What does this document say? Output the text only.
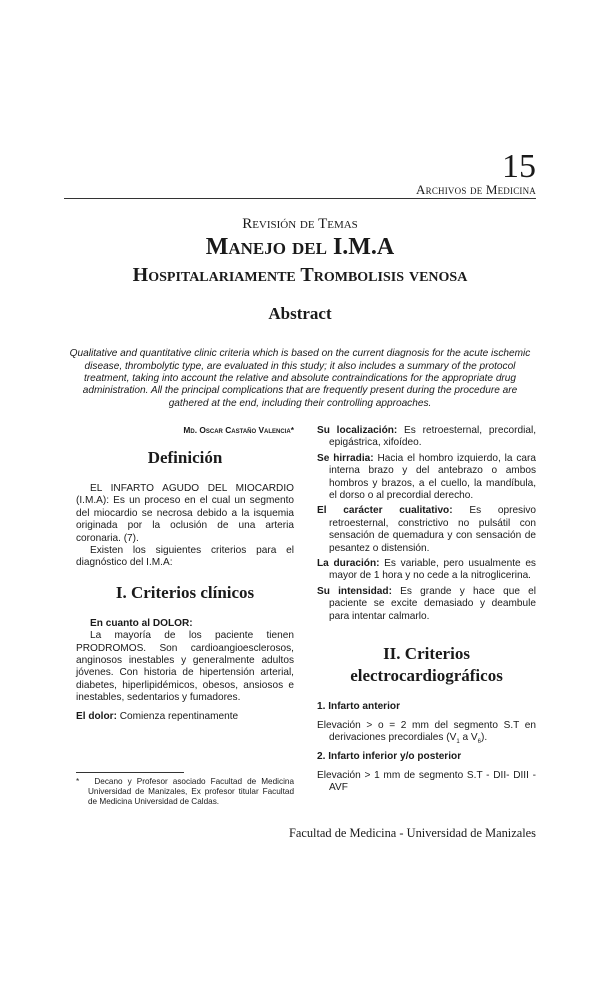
15
Archivos de Medicina
Revisión de Temas
Manejo del I.M.A
Hospitalariamente Trombolisis venosa
Abstract

Qualitative and quantitative clinic criteria which is based on the current diagnosis for the acute ischemic disease, thrombolytic type, are evaluated in this study; it also includes a summary of the protocol treatment, taking into account the relative and absolute contraindications for the appropriate drug administration. All the principal complications that are frequently present during the procedure are gathered at the end, including their controlling approaches.

Md. Oscar Castaño Valencia*
Definición

EL INFARTO AGUDO DEL MIOCARDIO (I.M.A): Es un proceso en el cual un segmento del miocardio se necrosa debido a la isquemia originada por la oclusión de una arteria coronaria. (7).

Existen los siguientes criterios para el diagnóstico del I.M.A:

I. Criterios clínicos

En cuanto al DOLOR:

La mayoría de los paciente tienen PRODROMOS. Son cardioangioesclerosos, anginosos inestables y generalmente adultos jóvenes. Con historia de hipertensión arterial, diabetes, hiperlipidémicos, obesos, ansiosos e inestables, sedentarios y fumadores.

El dolor: Comienza repentinamente

* Decano y Profesor asociado Facultad de Medicina Universidad de Manizales, Ex profesor titular Facultad de Medicina Universidad de Caldas.

Su localización: Es retroesternal, precordial, epigástrica, xifoídeo.

Se hirradia: Hacia el hombro izquierdo, la cara interna brazo y del antebrazo o ambos hombros y brazos, a el cuello, la mandíbula, el dorso o al precordial derecho.

El carácter cualitativo: Es opresivo retroesternal, constrictivo no pulsátil con sensación de quemadura y con sensación de pesantez o distensión.

La duración: Es variable, pero usualmente es mayor de 1 hora y no cede a la nitroglicerina.

Su intensidad: Es grande y hace que el paciente se excite demasiado y deambule para intentar calmarlo.

II. Criterios
electrocardiográficos

1. Infarto anterior

Elevación > o = 2 mm del segmento S.T en derivaciones precordiales ($V_1$ a $V_6$).

2. Infarto inferior y/o posterior

Elevación > 1 mm de segmento S.T - DII- DIII - AVF

Facultad de Medicina - Universidad de Manizales
